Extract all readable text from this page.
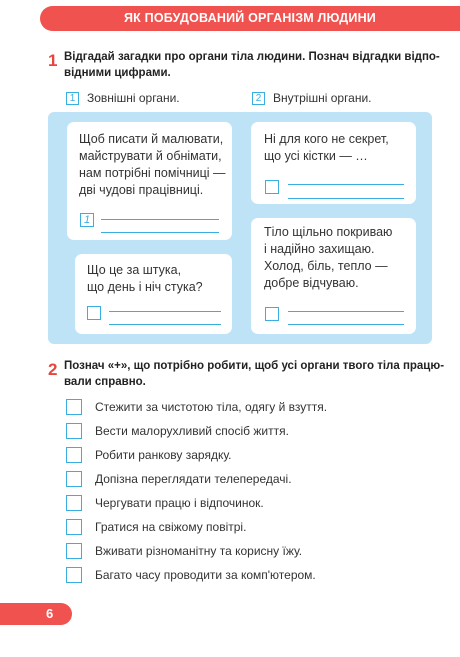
ЯК ПОБУДОВАНИЙ ОРГАНІЗМ ЛЮДИНИ
1 Відгадай загадки про органи тіла людини. Познач відгадки відпо-
відними цифрами.
1 Зовнішні органи.	2 Внутрішні органи.
Щоб писати й малювати,
майструвати й обнімати,
нам потрібні помічниці —
дві чудові працівниці.
1
Ні для кого не секрет,
що усі кістки — …
Тіло щільно покриваю
і надійно захищаю.
Холод, біль, тепло —
добре відчуваю.
Що це за штука,
що день і ніч стука?
2 Познач «+», що потрібно робити, щоб усі органи твого тіла працю-
вали справно.
Стежити за чистотою тіла, одягу й взуття.
Вести малорухливий спосіб життя.
Робити ранкову зарядку.
Допізна переглядати телепередачі.
Чергувати працю і відпочинок.
Гратися на свіжому повітрі.
Вживати різноманітну та корисну їжу.
Багато часу проводити за комп'ютером.
6
